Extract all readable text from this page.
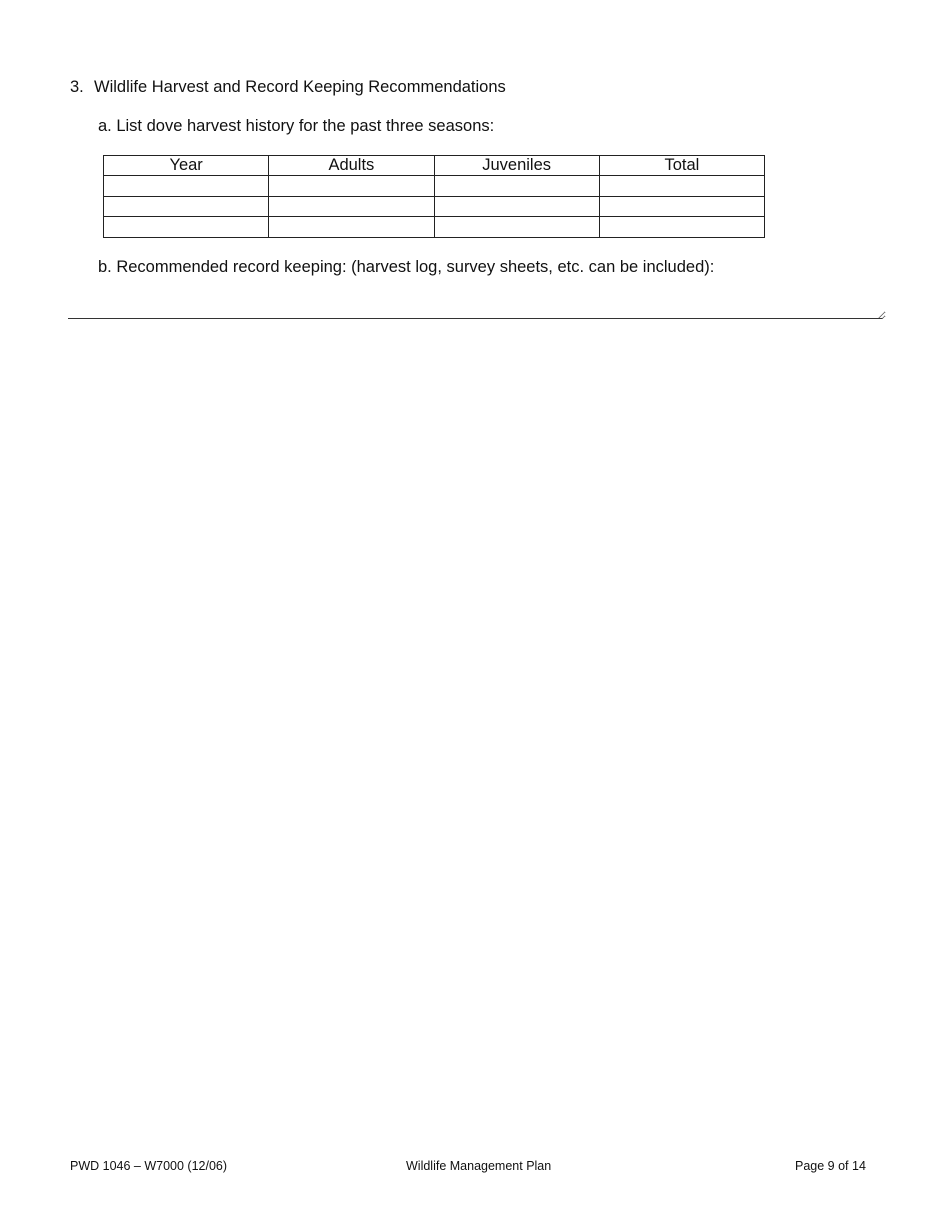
3. Wildlife Harvest and Record Keeping Recommendations
a. List dove harvest history for the past three seasons:
Year	Adults	Juveniles	Total

b. Recommended record keeping: (harvest log, survey sheets, etc. can be included):
PWD 1046 – W7000 (12/06)	Wildlife Management Plan	Page 9 of 14
